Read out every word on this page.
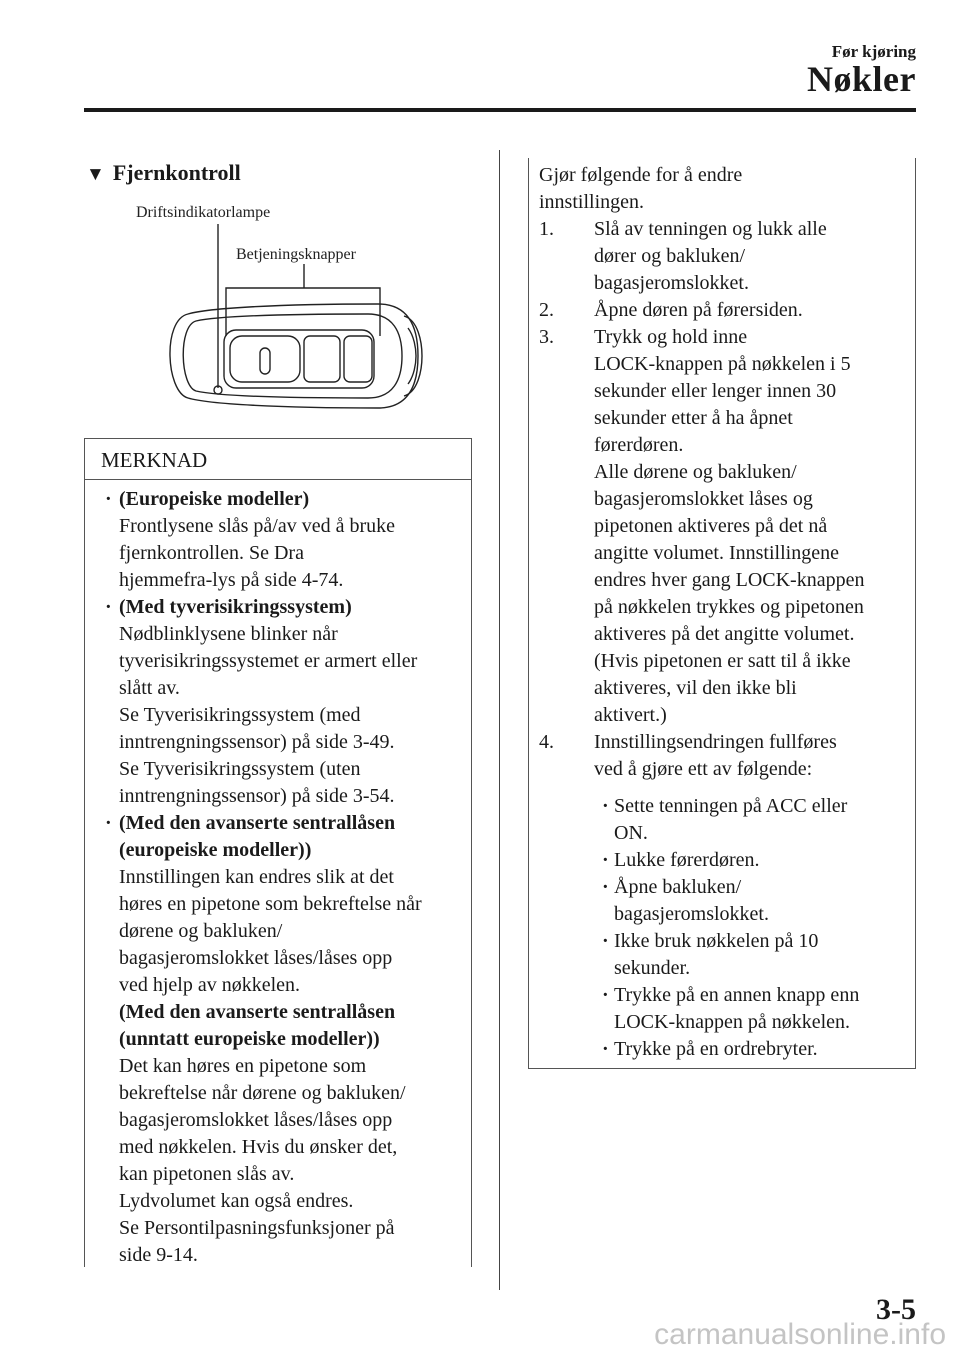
Før kjøring
Nøkler
▼ Fjernkontroll
Driftsindikatorlampe
Betjeningsknapper
MERKNAD
· (Europeiske modeller)
Frontlysene slås på/av ved å bruke
fjernkontrollen. Se Dra
hjemmefra-lys på side 4-74.
· (Med tyverisikringssystem)
Nødblinklysene blinker når
tyverisikringssystemet er armert eller
slått av.
Se Tyverisikringssystem (med
inntrengningssensor) på side 3-49.
Se Tyverisikringssystem (uten
inntrengningssensor) på side 3-54.
· (Med den avanserte sentrallåsen
(europeiske modeller))
Innstillingen kan endres slik at det
høres en pipetone som bekreftelse når
dørene og bakluken/
bagasjeromslokket låses/låses opp
ved hjelp av nøkkelen.
(Med den avanserte sentrallåsen
(unntatt europeiske modeller))
Det kan høres en pipetone som
bekreftelse når dørene og bakluken/
bagasjeromslokket låses/låses opp
med nøkkelen. Hvis du ønsker det,
kan pipetonen slås av.
Lydvolumet kan også endres.
Se Persontilpasningsfunksjoner på
side 9-14.
Gjør følgende for å endre
innstillingen.
1. Slå av tenningen og lukk alle
dører og bakluken/
bagasjeromslokket.
2. Åpne døren på førersiden.
3. Trykk og hold inne
LOCK-knappen på nøkkelen i 5
sekunder eller lenger innen 30
sekunder etter å ha åpnet
førerdøren.
Alle dørene og bakluken/
bagasjeromslokket låses og
pipetonen aktiveres på det nå
angitte volumet. Innstillingene
endres hver gang LOCK-knappen
på nøkkelen trykkes og pipetonen
aktiveres på det angitte volumet.
(Hvis pipetonen er satt til å ikke
aktiveres, vil den ikke bli
aktivert.)
4. Innstillingsendringen fullføres
ved å gjøre ett av følgende:
· Sette tenningen på ACC eller
ON.
· Lukke førerdøren.
· Åpne bakluken/
bagasjeromslokket.
· Ikke bruk nøkkelen på 10
sekunder.
· Trykke på en annen knapp enn
LOCK-knappen på nøkkelen.
· Trykke på en ordrebryter.
3-5
carmanualsonline.info
